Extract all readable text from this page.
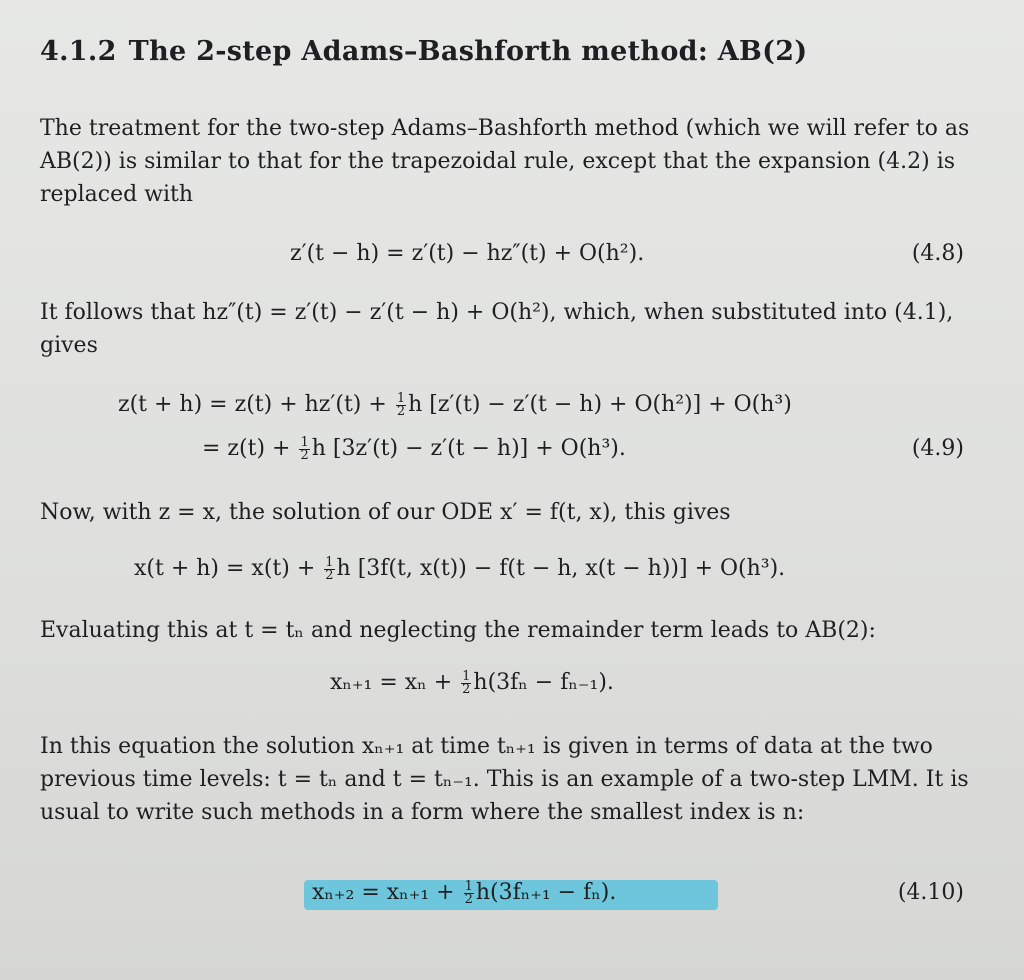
4.1.2 The 2-step Adams–Bashforth method: AB(2)
The treatment for the two-step Adams–Bashforth method (which we will refer to as AB(2)) is similar to that for the trapezoidal rule, except that the expansion (4.2) is replaced with
z′(t − h) = z′(t) − hz″(t) + O(h²).	(4.8)
It follows that hz″(t) = z′(t) − z′(t − h) + O(h²), which, when substituted into (4.1), gives
$z(t + h) = z(t) + hz'(t) + \frac{1}{2}$ h [z′(t) − z′(t − h) + O(h²)] + O(h³)
= $z(t) + \frac{1}{2}$ h [3z′(t) − z′(t − h)] + O(h³).	(4.9)
Now, with z = x, the solution of our ODE x′ = f(t, x), this gives
$x(t + h) = x(t) + \frac{1}{2}$ h [3f(t, x(t)) − f(t − h, x(t − h))] + O(h³).
Evaluating this at t = tₙ and neglecting the remainder term leads to AB(2):
$x_{n+1} = x_n + \frac{1}{2} h(3f_n - f_{n-1})$.
In this equation the solution xₙ₊₁ at time tₙ₊₁ is given in terms of data at the two previous time levels: t = tₙ and t = tₙ₋₁. This is an example of a two-step LMM. It is usual to write such methods in a form where the smallest index is n:
$x_{n+2} = x_{n+1} + \frac{1}{2} h(3f_{n+1} - f_n)$.	(4.10)
